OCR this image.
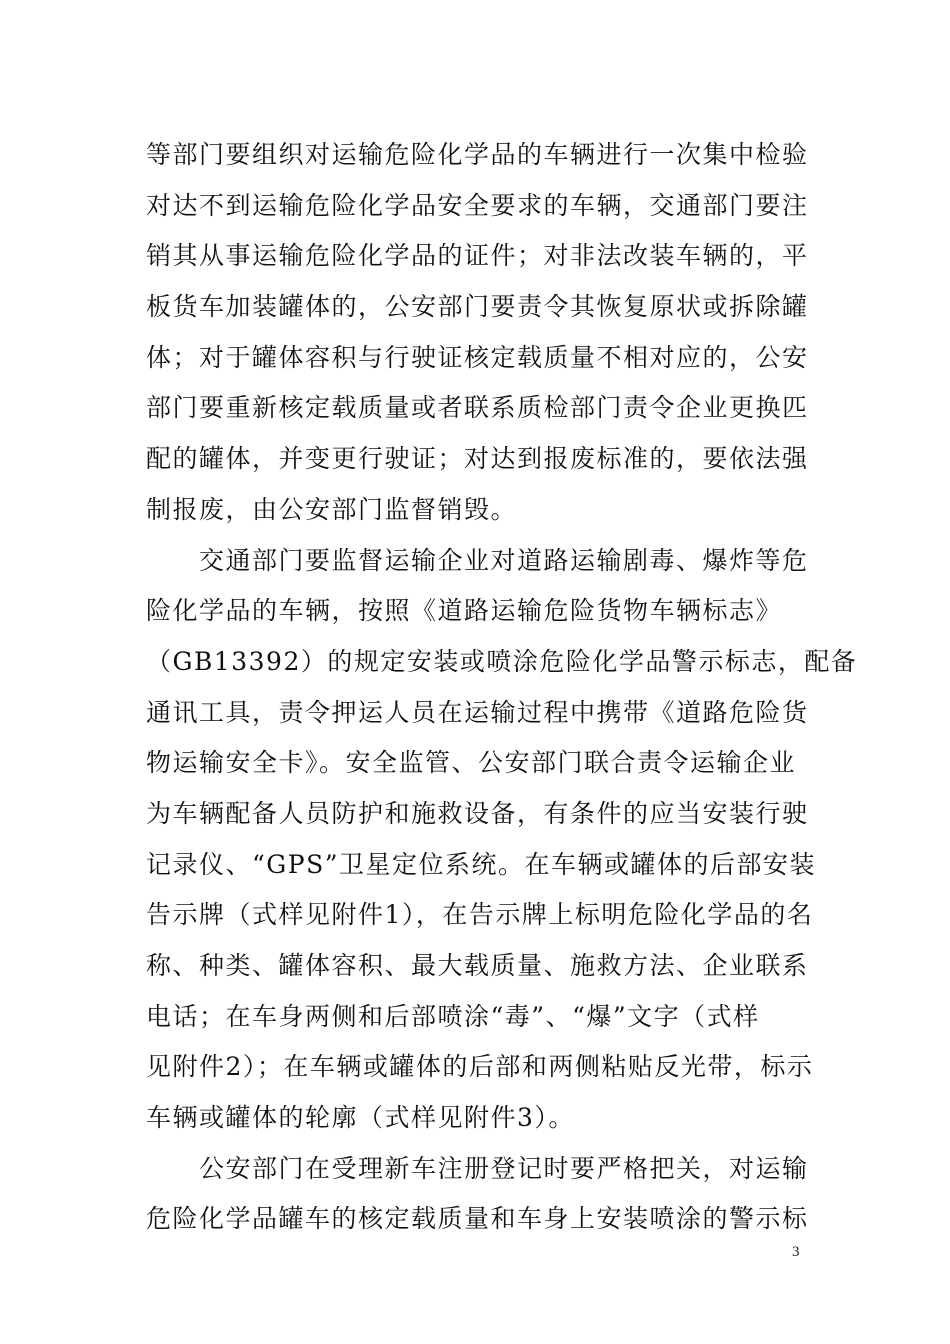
等部门要组织对运输危险化学品的车辆进行一次集中检验
对达不到运输危险化学品安全要求的车辆，交通部门要注
销其从事运输危险化学品的证件；对非法改装车辆的，平
板货车加装罐体的，公安部门要责令其恢复原状或拆除罐
体；对于罐体容积与行驶证核定载质量不相对应的，公安
部门要重新核定载质量或者联系质检部门责令企业更换匹
配的罐体，并变更行驶证；对达到报废标准的，要依法强
制报废，由公安部门监督销毁。
　　交通部门要监督运输企业对道路运输剧毒、爆炸等危
险化学品的车辆，按照《道路运输危险货物车辆标志》
（GB13392）的规定安装或喷涂危险化学品警示标志，配备
通讯工具，责令押运人员在运输过程中携带《道路危险货
物运输安全卡》。安全监管、公安部门联合责令运输企业
为车辆配备人员防护和施救设备，有条件的应当安装行驶
记录仪、“GPS”卫星定位系统。在车辆或罐体的后部安装
告示牌（式样见附件1），在告示牌上标明危险化学品的名
称、种类、罐体容积、最大载质量、施救方法、企业联系
电话；在车身两侧和后部喷涂“毒”、“爆”文字（式样
见附件2）；在车辆或罐体的后部和两侧粘贴反光带，标示
车辆或罐体的轮廓（式样见附件3）。
　　公安部门在受理新车注册登记时要严格把关，对运输
危险化学品罐车的核定载质量和车身上安装喷涂的警示标
3
